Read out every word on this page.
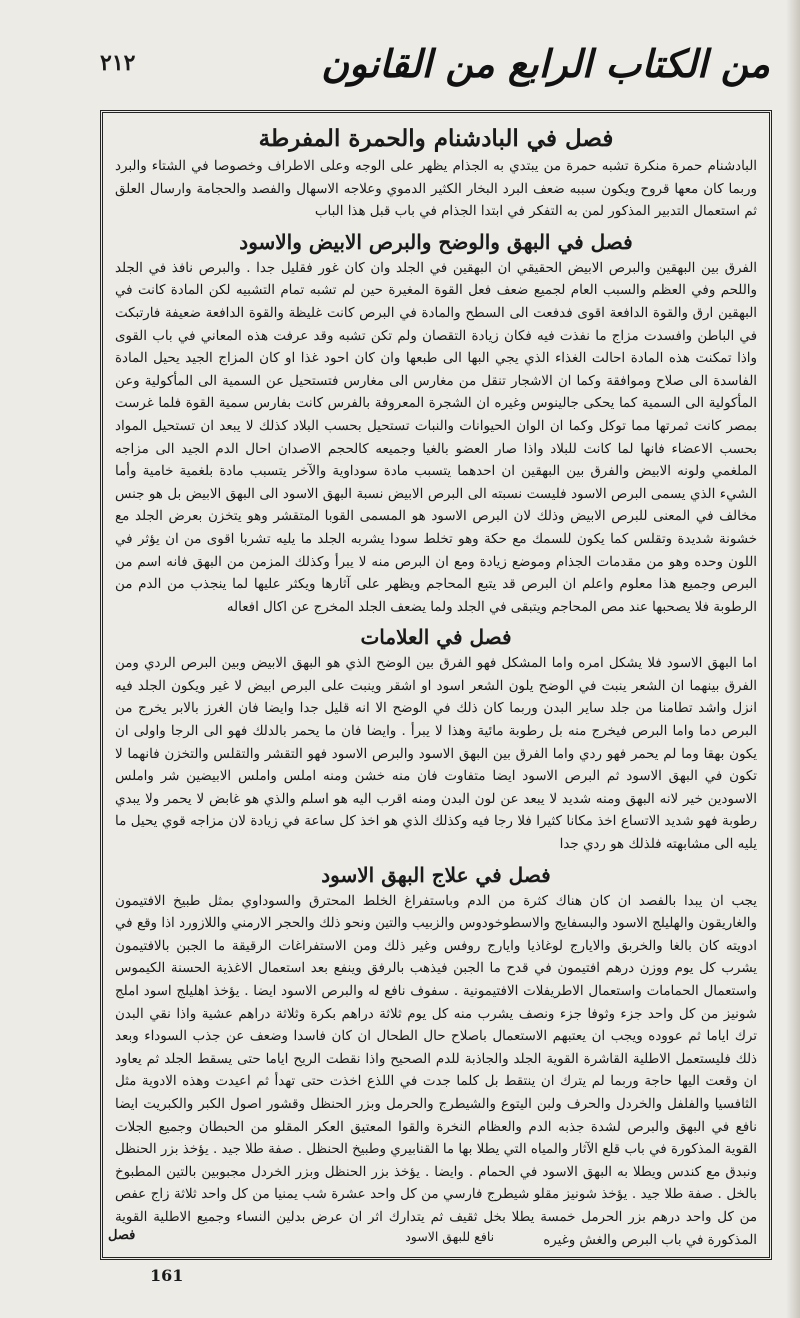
من الكتاب الرابع من القانون
٢١٢
فصل في البادشنام والحمرة المفرطة

البادشنام حمرة منكرة تشبه حمرة من يبتدي به الجذام يظهر على الوجه وعلى الاطراف وخصوصا في الشتاء والبرد وربما كان معها قروح ويكون سببه ضعف البرد البخار الكثير الدموي وعلاجه الاسهال والفصد والحجامة وارسال العلق ثم استعمال التدبير المذكور لمن به التفكر في ابتدا الجذام في باب قبل هذا الباب

فصل في البهق والوضح والبرص الابيض والاسود

الفرق بين البهقين والبرص الابيض الحقيقي ان البهقين في الجلد وان كان غور فقليل جدا . والبرص نافذ في الجلد واللحم وفي العظم والسبب العام لجميع ضعف فعل القوة المغيرة حين لم تشبه تمام التشبيه لكن المادة كانت في البهقين ارق والقوة الدافعة اقوى فدفعت الى السطح والمادة في البرص كانت غليظة والقوة الدافعة ضعيفة فارتبكت في الباطن وافسدت مزاج ما نفذت فيه فكان زيادة التقصان ولم تكن تشبه وقد عرفت هذه المعاني في باب القوى واذا تمكنت هذه المادة احالت الغذاء الذي يجي البها الى طبعها وان كان احود غذا او كان المزاج الجيد يحيل المادة الفاسدة الى صلاح وموافقة وكما ان الاشجار تنقل من مغارس الى مغارس فتستحيل عن السمية الى المأكولية وعن المأكولية الى السمية كما يحكى جالينوس وغيره ان الشجرة المعروفة بالفرس كانت بفارس سمية القوة فلما غرست بمصر كانت ثمرتها مما توكل وكما ان الوان الحيوانات والنبات تستحيل بحسب البلاد كذلك لا يبعد ان تستحيل المواد بحسب الاعضاء فانها لما كانت للبلاد واذا صار العضو بالغيا وجميعه كالحجم الاصدان احال الدم الجيد الى مزاجه الملغمي ولونه الابيض والفرق بين البهقين ان احدهما يتسبب مادة سوداوية والآخر يتسبب مادة بلغمية خامية وأما الشيء الذي يسمى البرص الاسود فليست نسبته الى البرص الابيض نسبة البهق الاسود الى البهق الابيض بل هو جنس مخالف في المعنى للبرص الابيض وذلك لان البرص الاسود هو المسمى القوبا المتقشر وهو يتخزن بعرض الجلد مع خشونة شديدة وتقلس كما يكون للسمك مع حكة وهو تخلط سودا يشربه الجلد ما يليه تشربا اقوى من ان يؤثر في اللون وحده وهو من مقدمات الجذام وموضع زيادة ومع ان البرص منه لا يبرأ وكذلك المزمن من البهق فانه اسم من البرص وجميع هذا معلوم واعلم ان البرص قد يتبع المحاجم ويظهر على آثارها ويكثر عليها لما ينجذب من الدم من الرطوبة فلا يصحبها عند مص المحاجم ويتبقى في الجلد ولما يضعف الجلد المخرج عن اكال افعاله

فصل في العلامات

اما البهق الاسود فلا يشكل امره واما المشكل فهو الفرق بين الوضح الذي هو البهق الابيض وبين البرص الردي ومن الفرق بينهما ان الشعر ينبت في الوضح يلون الشعر اسود او اشقر وينبت على البرص ابيض لا غير ويكون الجلد فيه انزل واشد تطامنا من جلد ساير البدن وربما كان ذلك في الوضح الا انه قليل جدا وايضا فان الغرز بالابر يخرج من البرص دما واما البرص فيخرج منه بل رطوبة مائية وهذا لا يبرأ . وايضا فان ما يحمر بالدلك فهو الى الرجا واولى ان يكون بهقا وما لم يحمر فهو ردي واما الفرق بين البهق الاسود والبرص الاسود فهو التقشر والتقلس والتخزن فانهما لا تكون في البهق الاسود ثم البرص الاسود ايضا متفاوت فان منه خشن ومنه املس واملس الابيضين شر واملس الاسودين خير لانه البهق ومنه شديد لا يبعد عن لون البدن ومنه اقرب اليه هو اسلم والذي هو غابض لا يحمر ولا يبدي رطوبة فهو شديد الاتساع اخذ مكانا كثيرا فلا رجا فيه وكذلك الذي هو اخذ كل ساعة في زيادة لان مزاجه قوي يحيل ما يليه الى مشابهته فلذلك هو ردي جدا

فصل في علاج البهق الاسود

يجب ان يبدا بالفصد ان كان هناك كثرة من الدم وباستفراغ الخلط المحترق والسوداوي بمثل طبيخ الافتيمون والغاريقون والهليلج الاسود والبسفايج والاسطوخودوس والزبيب والتين ونحو ذلك والحجر الارمني واللازورد اذا وقع في ادويته كان بالغا والخربق والايارج لوغاذيا وايارج روفس وغير ذلك ومن الاستفراغات الرقيقة ما الجبن بالافتيمون يشرب كل يوم ووزن درهم افتيمون في قدح ما الجبن فيذهب بالرفق وينفع بعد استعمال الاغذية الحسنة الكيموس واستعمال الحمامات واستعمال الاطريفلات الافتيمونية . سفوف نافع له والبرص الاسود ايضا . يؤخذ اهليلج اسود املج شونيز من كل واحد جزء وثوفا جزء ونصف يشرب منه كل يوم ثلاثة دراهم بكرة وثلاثة دراهم عشية واذا نقي البدن ترك اياما ثم عووده ويجب ان يعتبهم الاستعمال باصلاح حال الطحال ان كان فاسدا وضعف عن جذب السوداء وبعد ذلك فليستعمل الاطلية القاشرة القوية الجلد والجاذبة للدم الصحيح واذا نقطت الريح اياما حتى يسقط الجلد ثم يعاود ان وقعت اليها حاجة وربما لم يترك ان ينتقط بل كلما جدت في اللذع اخذت حتى تهدأ ثم اعيدت وهذه الادوية مثل الثافسيا والفلفل والخردل والحرف ولبن اليتوع والشيطرج والحرمل وبزر الحنظل وقشور اصول الكبر والكبريت ايضا نافع في البهق والبرص لشدة جذبه الدم والعظام النخرة والقوا المعتيق العكر المقلو من الحبطان وجميع الجلات القوية المذكورة في باب قلع الآثار والمياه التي يطلا بها ما القنابيري وطبيخ الحنظل . صفة طلا جيد . يؤخذ بزر الحنظل ونبدق مع كندس ويطلا به البهق الاسود في الحمام . وايضا . يؤخذ بزر الحنظل وبزر الخردل مجبوبين بالتين المطبوخ بالخل . صفة طلا جيد . يؤخذ شونيز مقلو شيطرج فارسي من كل واحد عشرة شب يمنيا من كل واحد ثلاثة زاج عفص من كل واحد درهم بزر الحرمل خمسة يطلا بخل ثقيف ثم يتدارك اثر ان عرض بدلين النساء وجميع الاطلية القوية المذكورة في باب البرص والغش وغيره

نافع للبهق الاسود
فصل
161
